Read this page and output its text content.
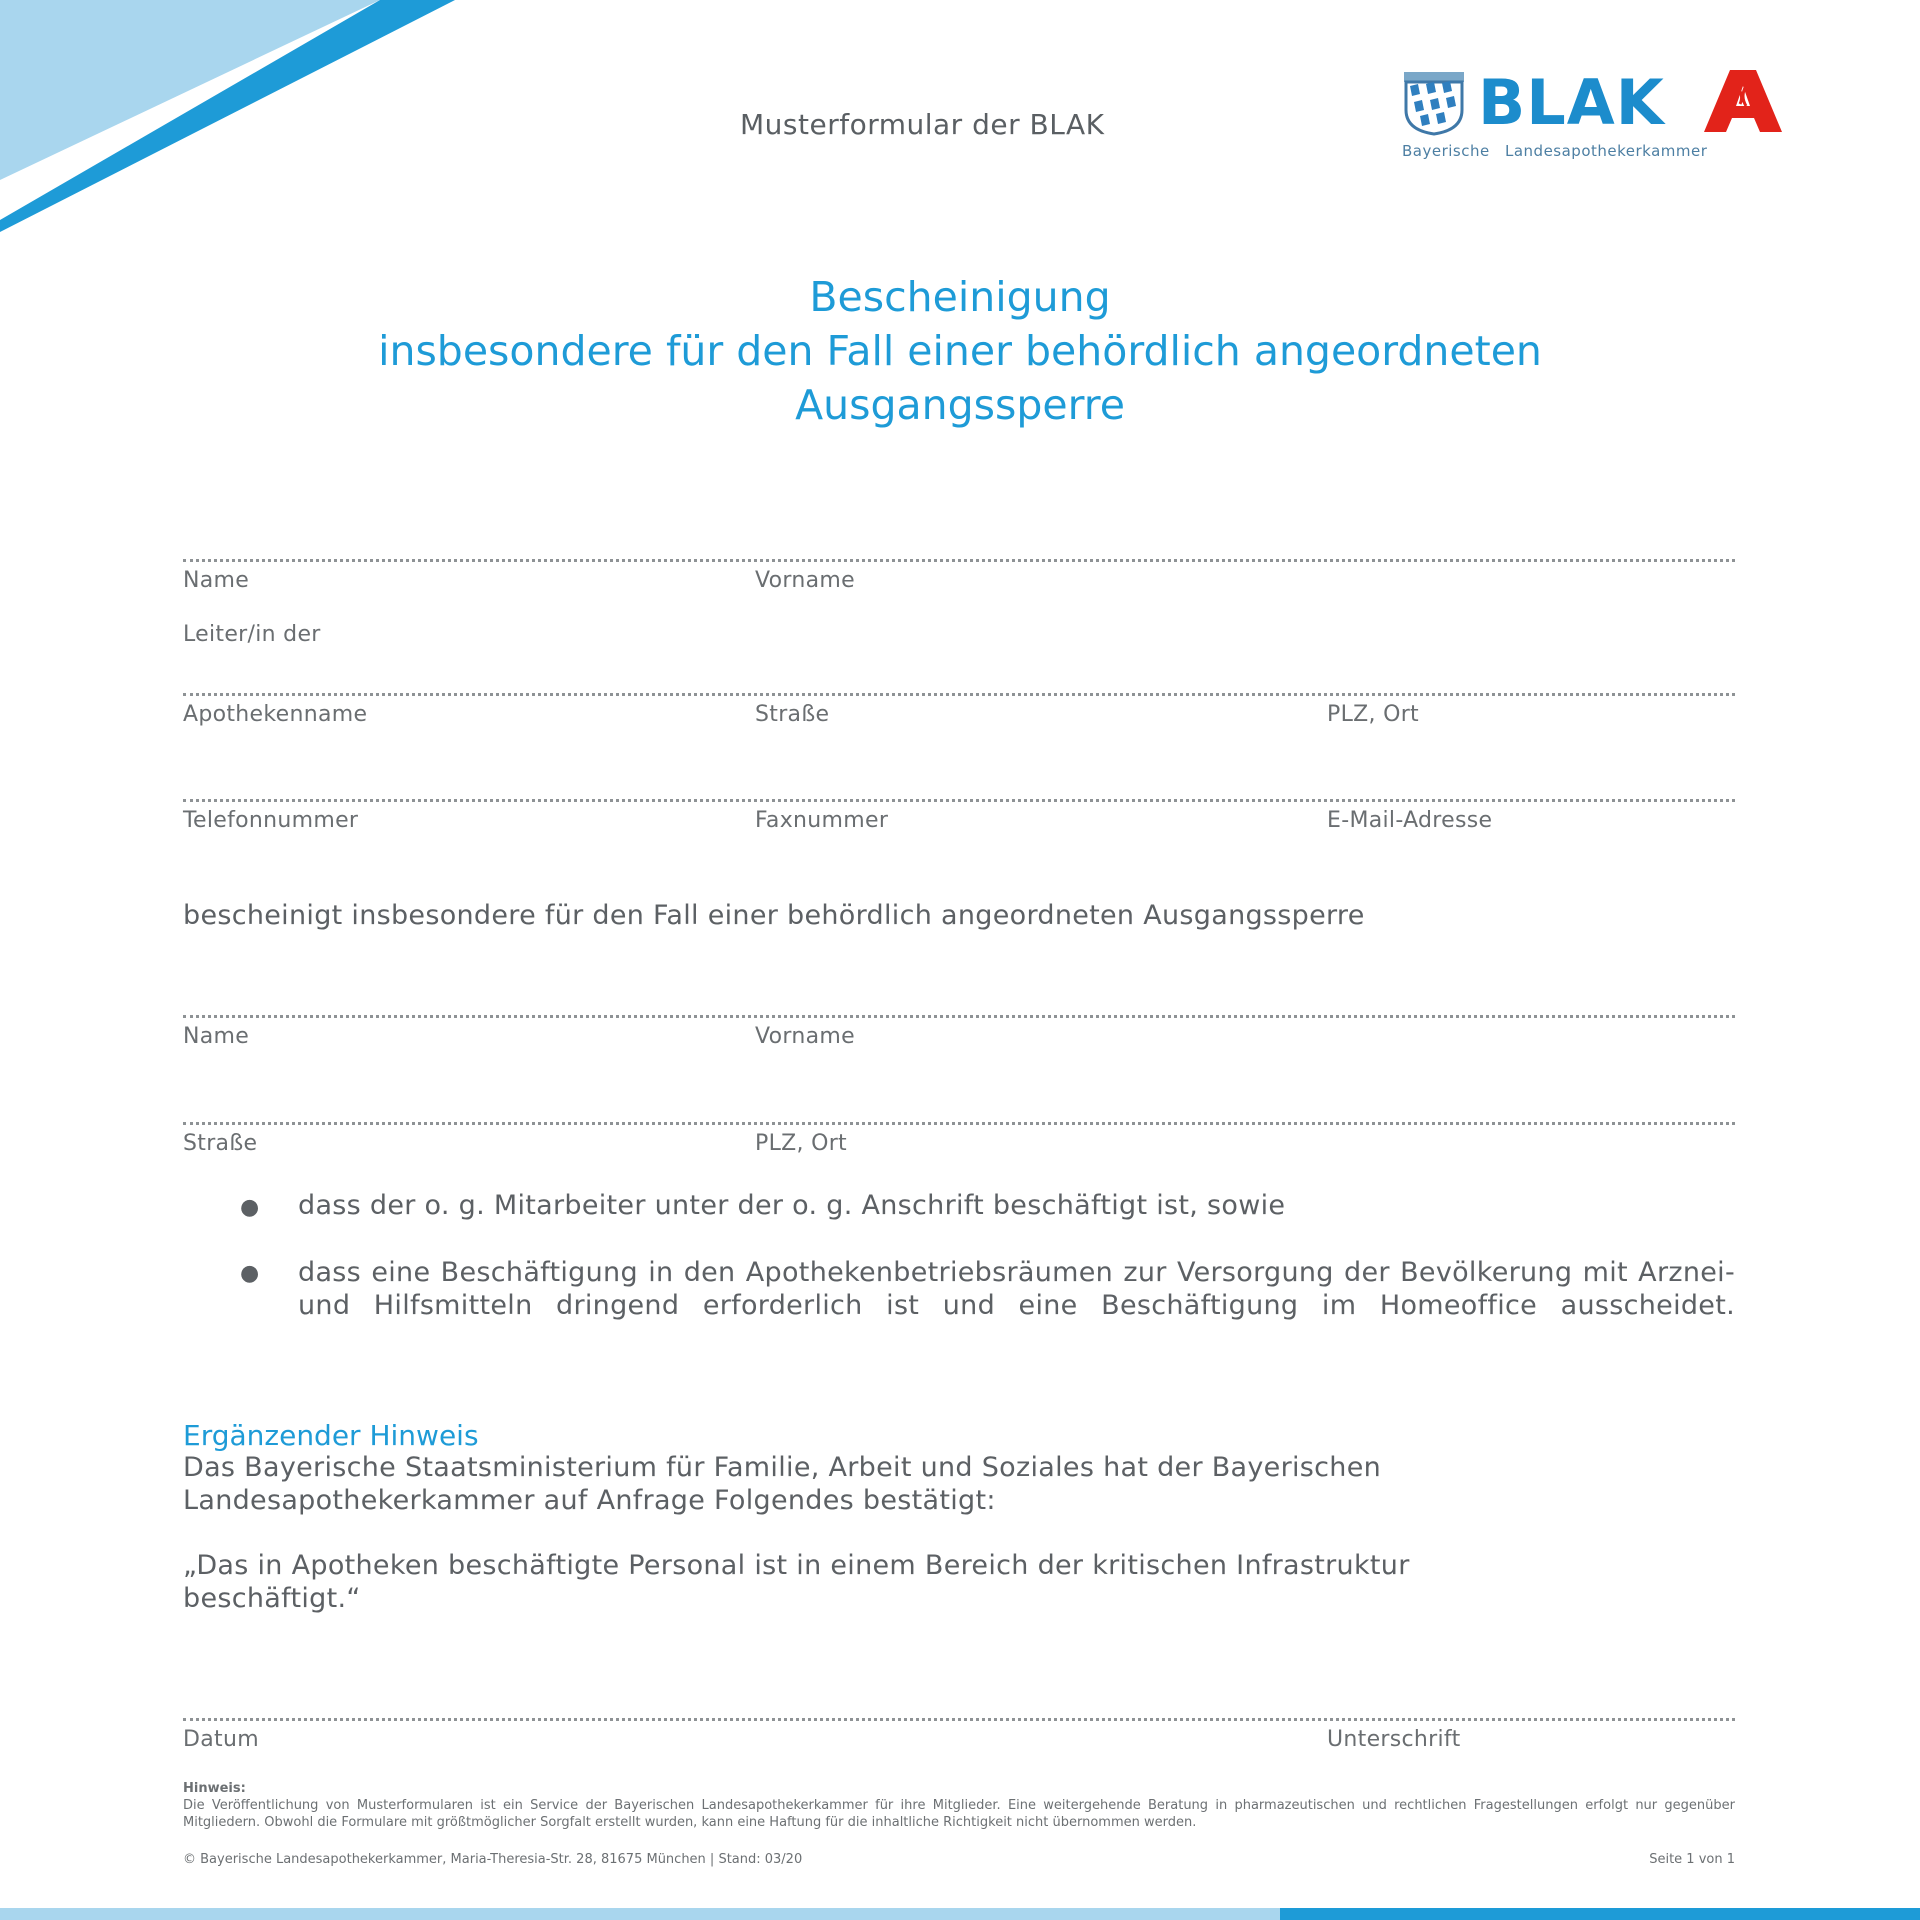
Musterformular der BLAK	BLAK
Bayerische Landesapothekerkammer
Bescheinigung
insbesondere für den Fall einer behördlich angeordneten
Ausgangssperre
Name	Vorname
Leiter/in der
Apothekenname	Straße	PLZ, Ort
Telefonnummer	Faxnummer	E-Mail-Adresse
bescheinigt insbesondere für den Fall einer behördlich angeordneten Ausgangssperre
Name	Vorname
Straße	PLZ, Ort
● dass der o. g. Mitarbeiter unter der o. g. Anschrift beschäftigt ist, sowie
● dass eine Beschäftigung in den Apothekenbetriebsräumen zur Versorgung der Bevölkerung mit Arznei- und Hilfsmitteln dringend erforderlich ist und eine Beschäftigung im Homeoffice ausscheidet.
Ergänzender Hinweis
Das Bayerische Staatsministerium für Familie, Arbeit und Soziales hat der Bayerischen
Landesapothekerkammer auf Anfrage Folgendes bestätigt:
„Das in Apotheken beschäftigte Personal ist in einem Bereich der kritischen Infrastruktur
beschäftigt.“
Datum	Unterschrift
Hinweis:
Die Veröffentlichung von Musterformularen ist ein Service der Bayerischen Landesapothekerkammer für ihre Mitglieder. Eine weitergehende Beratung in pharmazeutischen und rechtlichen Fragestellungen erfolgt nur gegenüber Mitgliedern. Obwohl die Formulare mit größtmöglicher Sorgfalt erstellt wurden, kann eine Haftung für die inhaltliche Richtigkeit nicht übernommen werden.
© Bayerische Landesapothekerkammer, Maria-Theresia-Str. 28, 81675 München | Stand: 03/20	Seite 1 von 1
